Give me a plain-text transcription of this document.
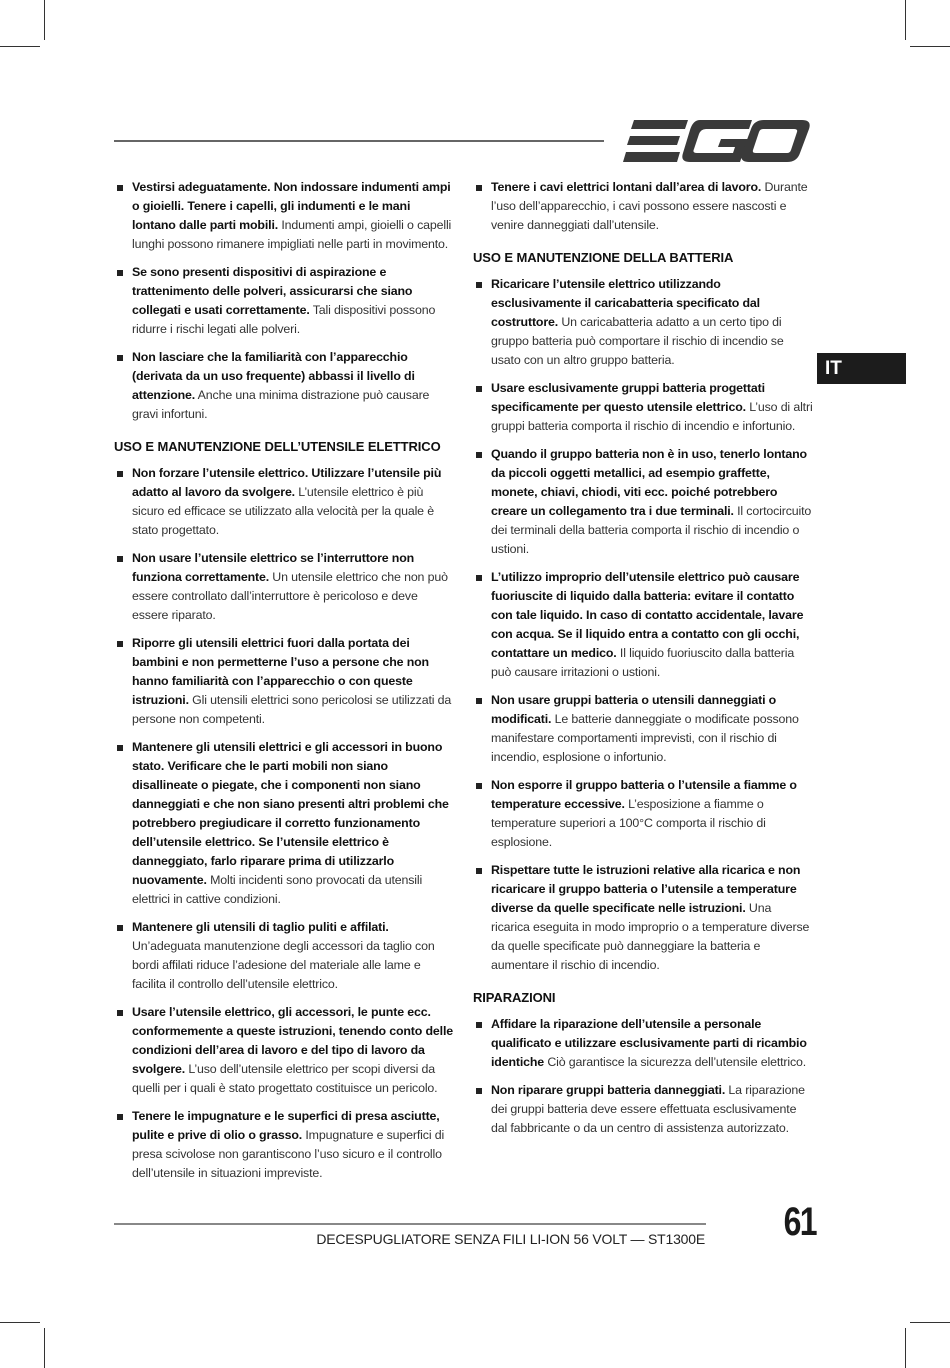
IT
Vestirsi adeguatamente. Non indossare indumenti ampi o gioielli. Tenere i capelli, gli indumenti e le mani lontano dalle parti mobili. Indumenti ampi, gioielli o capelli lunghi possono rimanere impigliati nelle parti in movimento.
Se sono presenti dispositivi di aspirazione e trattenimento delle polveri, assicurarsi che siano collegati e usati correttamente. Tali dispositivi possono ridurre i rischi legati alle polveri.
Non lasciare che la familiarità con l’apparecchio (derivata da un uso frequente) abbassi il livello di attenzione. Anche una minima distrazione può causare gravi infortuni.
USO E MANUTENZIONE DELL’UTENSILE ELETTRICO
Non forzare l’utensile elettrico. Utilizzare l’utensile più adatto al lavoro da svolgere. L’utensile elettrico è più sicuro ed efficace se utilizzato alla velocità per la quale è stato progettato.
Non usare l’utensile elettrico se l’interruttore non funziona correttamente. Un utensile elettrico che non può essere controllato dall’interruttore è pericoloso e deve essere riparato.
Riporre gli utensili elettrici fuori dalla portata dei bambini e non permetterne l’uso a persone che non hanno familiarità con l’apparecchio o con queste istruzioni. Gli utensili elettrici sono pericolosi se utilizzati da persone non competenti.
Mantenere gli utensili elettrici e gli accessori in buono stato. Verificare che le parti mobili non siano disallineate o piegate, che i componenti non siano danneggiati e che non siano presenti altri problemi che potrebbero pregiudicare il corretto funzionamento dell’utensile elettrico. Se l’utensile elettrico è danneggiato, farlo riparare prima di utilizzarlo nuovamente. Molti incidenti sono provocati da utensili elettrici in cattive condizioni.
Mantenere gli utensili di taglio puliti e affilati. Un’adeguata manutenzione degli accessori da taglio con bordi affilati riduce l’adesione del materiale alle lame e facilita il controllo dell’utensile elettrico.
Usare l’utensile elettrico, gli accessori, le punte ecc. conformemente a queste istruzioni, tenendo conto delle condizioni dell’area di lavoro e del tipo di lavoro da svolgere. L’uso dell’utensile elettrico per scopi diversi da quelli per i quali è stato progettato costituisce un pericolo.
Tenere le impugnature e le superfici di presa asciutte, pulite e prive di olio o grasso. Impugnature e superfici di presa scivolose non garantiscono l’uso sicuro e il controllo dell’utensile in situazioni impreviste.
Tenere i cavi elettrici lontani dall’area di lavoro. Durante l’uso dell’apparecchio, i cavi possono essere nascosti e venire danneggiati dall’utensile.
USO E MANUTENZIONE DELLA BATTERIA
Ricaricare l’utensile elettrico utilizzando esclusivamente il caricabatteria specificato dal costruttore. Un caricabatteria adatto a un certo tipo di gruppo batteria può comportare il rischio di incendio se usato con un altro gruppo batteria.
Usare esclusivamente gruppi batteria progettati specificamente per questo utensile elettrico. L’uso di altri gruppi batteria comporta il rischio di incendio e infortunio.
Quando il gruppo batteria non è in uso, tenerlo lontano da piccoli oggetti metallici, ad esempio graffette, monete, chiavi, chiodi, viti ecc. poiché potrebbero creare un collegamento tra i due terminali. Il cortocircuito dei terminali della batteria comporta il rischio di incendio o ustioni.
L’utilizzo improprio dell’utensile elettrico può causare fuoriuscite di liquido dalla batteria: evitare il contatto con tale liquido. In caso di contatto accidentale, lavare con acqua. Se il liquido entra a contatto con gli occhi, contattare un medico. Il liquido fuoriuscito dalla batteria può causare irritazioni o ustioni.
Non usare gruppi batteria o utensili danneggiati o modificati. Le batterie danneggiate o modificate possono manifestare comportamenti imprevisti, con il rischio di incendio, esplosione o infortunio.
Non esporre il gruppo batteria o l’utensile a fiamme o temperature eccessive. L’esposizione a fiamme o temperature superiori a 100°C comporta il rischio di esplosione.
Rispettare tutte le istruzioni relative alla ricarica e non ricaricare il gruppo batteria o l’utensile a temperature diverse da quelle specificate nelle istruzioni. Una ricarica eseguita in modo improprio o a temperature diverse da quelle specificate può danneggiare la batteria e aumentare il rischio di incendio.
RIPARAZIONI
Affidare la riparazione dell’utensile a personale qualificato e utilizzare esclusivamente parti di ricambio identiche Ciò garantisce la sicurezza dell’utensile elettrico.
Non riparare gruppi batteria danneggiati. La riparazione dei gruppi batteria deve essere effettuata esclusivamente dal fabbricante o da un centro di assistenza autorizzato.
DECESPUGLIATORE SENZA FILI LI-ION 56 VOLT — ST1300E 61
